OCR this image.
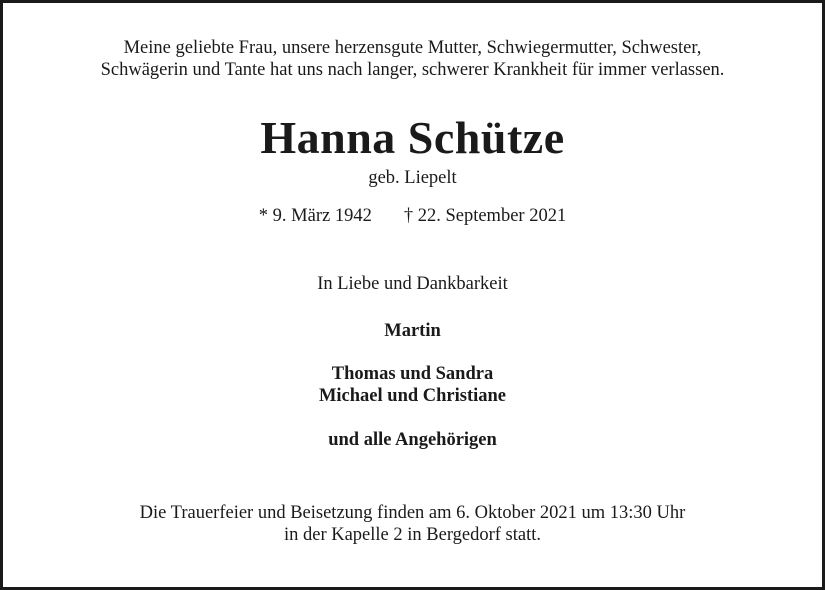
Meine geliebte Frau, unsere herzensgute Mutter, Schwiegermutter, Schwester,
Schwägerin und Tante hat uns nach langer, schwerer Krankheit für immer verlassen.
Hanna Schütze
geb. Liepelt
* 9. März 1942 † 22. September 2021
In Liebe und Dankbarkeit
Martin
Thomas und Sandra
Michael und Christiane
und alle Angehörigen
Die Trauerfeier und Beisetzung finden am 6. Oktober 2021 um 13:30 Uhr
in der Kapelle 2 in Bergedorf statt.
